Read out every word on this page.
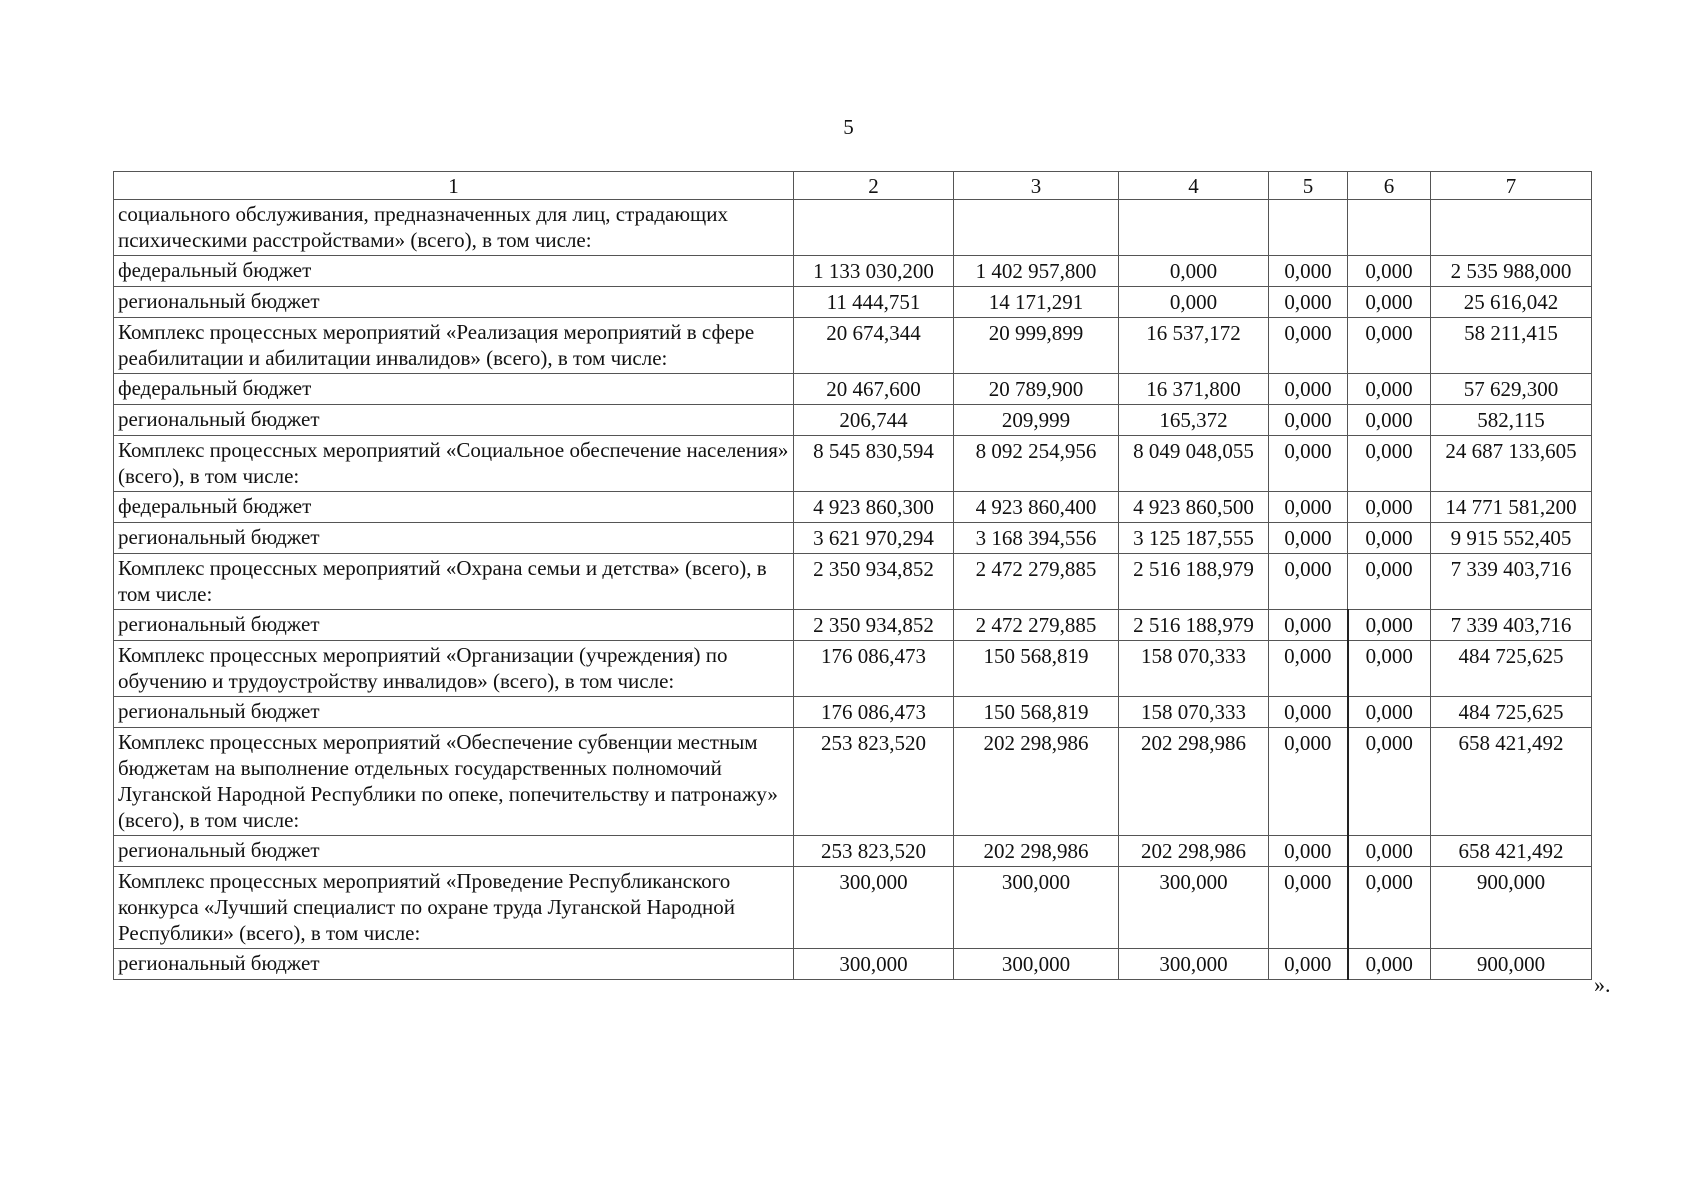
5
1	2	3	4	5	6	7
социального обслуживания, предназначенных для лиц, страдающих психическими расстройствами» (всего), в том числе:						
федеральный бюджет	1 133 030,200	1 402 957,800	0,000	0,000	0,000	2 535 988,000
региональный бюджет	11 444,751	14 171,291	0,000	0,000	0,000	25 616,042
Комплекс процессных мероприятий «Реализация мероприятий в сфере реабилитации и абилитации инвалидов» (всего), в том числе:	20 674,344	20 999,899	16 537,172	0,000	0,000	58 211,415
федеральный бюджет	20 467,600	20 789,900	16 371,800	0,000	0,000	57 629,300
региональный бюджет	206,744	209,999	165,372	0,000	0,000	582,115
Комплекс процессных мероприятий «Социальное обеспечение населения» (всего), в том числе:	8 545 830,594	8 092 254,956	8 049 048,055	0,000	0,000	24 687 133,605
федеральный бюджет	4 923 860,300	4 923 860,400	4 923 860,500	0,000	0,000	14 771 581,200
региональный бюджет	3 621 970,294	3 168 394,556	3 125 187,555	0,000	0,000	9 915 552,405
Комплекс процессных мероприятий «Охрана семьи и детства» (всего), в том числе:	2 350 934,852	2 472 279,885	2 516 188,979	0,000	0,000	7 339 403,716
региональный бюджет	2 350 934,852	2 472 279,885	2 516 188,979	0,000	0,000	7 339 403,716
Комплекс процессных мероприятий «Организации (учреждения) по обучению и трудоустройству инвалидов» (всего), в том числе:	176 086,473	150 568,819	158 070,333	0,000	0,000	484 725,625
региональный бюджет	176 086,473	150 568,819	158 070,333	0,000	0,000	484 725,625
Комплекс процессных мероприятий «Обеспечение субвенции местным бюджетам на выполнение отдельных государственных полномочий Луганской Народной Республики по опеке, попечительству и патронажу» (всего), в том числе:	253 823,520	202 298,986	202 298,986	0,000	0,000	658 421,492
региональный бюджет	253 823,520	202 298,986	202 298,986	0,000	0,000	658 421,492
Комплекс процессных мероприятий «Проведение Республиканского конкурса «Лучший специалист по охране труда Луганской Народной Республики» (всего), в том числе:	300,000	300,000	300,000	0,000	0,000	900,000
региональный бюджет	300,000	300,000	300,000	0,000	0,000	900,000
».
